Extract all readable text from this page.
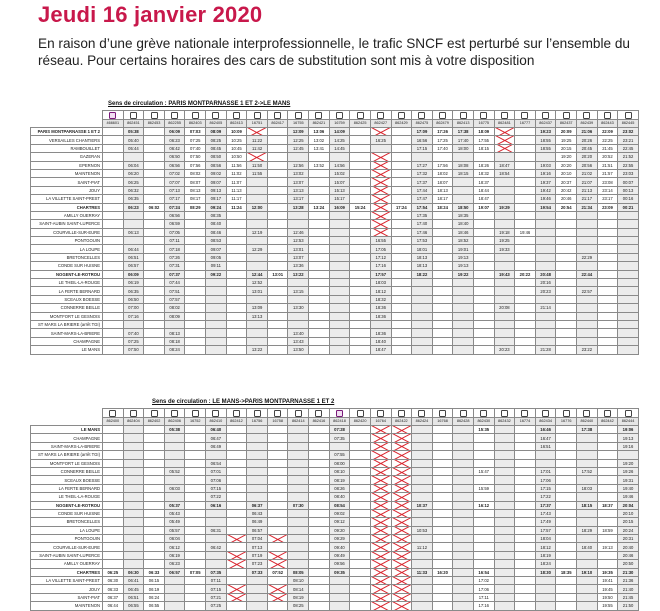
Jeudi 16 janvier 2020
En raison d’une grève nationale interprofessionnelle, le trafic SNCF est perturbé sur l’ensemble du réseau. Pour certains horaires des cars de substitution sont mis à votre disposition
Sens de circulation : PARIS MONTPARNASSE 1 ET 2->LE MANS

	466601	862451	862453	862255	862403	862405	862413	16751	862417	16755	862421	16759	862425	862427	862429	862475	862479	862413	16775	862481	16777	862437	862437	862439	862443	862445
PARIS MONTPARNASSE 1 ET 2		05:38		06:09	07:03	08:09	10:09			12:09	13:06	14:09				17:09	17:26	17:38	18:09			19:23	20:09	21:06	22:09	23:02
VERSAILLES CHANTIERS		05:40		06:23	07:25	08:25	10:25	11:22		12:25	13:02	14:25		16:25		16:56	17:25	17:40	17:55			18:55	19:25	20:26	22:25	23:21
RAMBOUILLET		05:44		06:42	07:40	08:45	10:45	11:42		12:45	13:41	14:45				17:15	17:40	18:00	18:15			18:55	20:15	20:45	21:45	22:45
GAZERAN				06:50	07:50	08:50	10:50																19:20	20:20	20:52	21:52
EPERNON		06:04		06:56	07:56	08:56	11:56	11:50		12:56	13:52	14:56				17:27	17:56	18:08	18:26	18:47		19:03	20:20	20:56	21:51	22:55
MAINTENON		06:20		07:02	08:02	09:02	11:02	11:55		13:02		15:02				17:32	18:02	18:15	18:32	18:54		19:16	20:10	21:02	21:57	23:03
SAINT-PIAT		06:25		07:07	08:07	09:07	11:07			13:07		15:07				17:37	18:07		18:37			19:37	20:37	21:07	23:08	00:07
JOUY		06:32		07:13	08:13	09:13	11:13			13:13		15:13				17:44	18:13		18:44			19:42	20:42	21:13	23:14	00:13
LA VILLETTE SAINT-PREST		06:35		07:17	08:17	09:17	11:17			13:17		15:17				17:47	18:17		18:47			19:46	20:46	21:17	23:17	00:16
CHARTRES		06:23	06:02	07:24	08:29	09:24	11:24	12:00		13:28	13:24	16:09	15:24		17:24	17:54	18:24	18:50	19:07	19:29		19:54	20:54	21:34	23:09	00:21
AMILLY OUERRAY				06:56		08:35										17:35		18:35								
SAINT-AUBIN SAINT-LUPERCE				06:59		08:40										17:40		18:40								
COURVILLE-SUR-EURE		06:13		07:05		08:46		12:19		12:46						17:46		18:46		19:18	19:46					
PONTGOUIN				07:11		08:53				12:53				16:55		17:53		18:52		19:25						
LA LOUPE		06:44		07:18		09:07		12:29		13:01				17:05		18:01		19:01		19:33						
BRETONCELLES		06:51		07:26		09:05				13:07				17:12		18:13		19:13						22:29		
CONDE SUR HUISNE		06:57		07:31		09:11				13:36				17:16		18:13		19:13								
NOGENT-LE-ROTROU		06:09		07:37		09:22		12:44	13:01	13:22				17:57		18:22		19:22		19:43	20:22	20:48		22:44		
LE THEIL-LA-ROUGE		06:19		07:44				12:52						18:03								20:16				
LA FERTE BERNARD		06:35		07:51				13:01		13:15				18:12								20:23		22:57		
SCEAUX BOESSE		06:50		07:57										18:32												
CONNERRE BEILLE		07:00		08:02				13:09		13:30				18:36						20:08		21:14				
MONTFORT LE GESNOIS		07:16		08:09				13:13						18:36												
ST MARS LA BRIERE (arrêt TGI)																										
SAINT-MARS-LA-BRIERE		07:40		08:13						13:40				18:36												
CHAMPAGNE		07:25		08:18						13:43				18:40												
LE MANS		07:50		08:24				13:22		13:50				18:47						20:23		21:28		23:22		
Sens de circulation : LE MANS->PARIS MONTPARNASSE 1 ET 2

	862400	862404	862402	862406	16752	862410	862412	16756	16758	862414	862416	862418	862420	16764	862422	862424	16768	862428	862430	862432	16774	862434	16776	862440	862442	862444
LE MANS				05:38		06:40						07:28							15:35			16:46		17:38		19:06
CHAMPAGNE						06:47						07:35										16:47				19:13
SAINT-MARS-LA-BRIERE						06:49																16:51				19:16
ST MARS LA BRIERE (arrêt TGI)												07:55														
MONTFORT LE GESNOIS						06:54						08:00														19:20
CONNERRE BEILLE				05:52		07:01						08:10							15:47			17:01		17:52		19:26
SCEAUX BOESSE						07:06						08:19										17:06				19:31
LA FERTE BERNARD				06:03		07:15						08:26							15:59			17:15		18:03		19:40
LE THEIL-LA-ROUGE						07:22						08:40										17:22				19:46
NOGENT-LE-ROTROU				05:37		06:16		06:37		07:30		08:54				10:37			16:12			17:37		18:15	18:37	20:04
CONDE SUR HUISNE				05:43				06:43				09:02										17:43				20:10
BRETONCELLES				05:49				06:49				09:12										17:49				20:15
LA LOUPE				05:57		06:31		06:57				09:20				10:53						17:57		18:29	18:59	20:24
PONTGOUIN				06:04				07:04				09:29										18:04				20:31
COURVILLE-SUR-EURE				06:12		06:42		07:13				09:40				11:12						18:12		18:40	19:13	20:40
SAINT-AUBIN SAINT-LUPERCE				06:19				07:19				09:49										18:19				20:46
AMILLY OUERRAY				06:23				07:23				09:56										18:24				20:50
CHARTRES	06:25	06:30	06:33	06:57	07:05	07:35		07:33	07:52	08:05		09:35				11:33	16:20		16:54			18:30	18:35	19:10	19:35	21:30
LA VILLETTE SAINT-PREST	06:30	06:41	06:15			07:11				08:10									17:02						19:41	21:36
JOUY	06:33	06:45	06:19			07:15				08:14									17:06						19:45	21:40
SAINT-PIAT	06:37	06:51	06:24			07:21				08:19									17:11						19:50	21:45
MAINTENON	06:44	06:55	06:55			07:25				08:25									17:16						19:55	21:50
